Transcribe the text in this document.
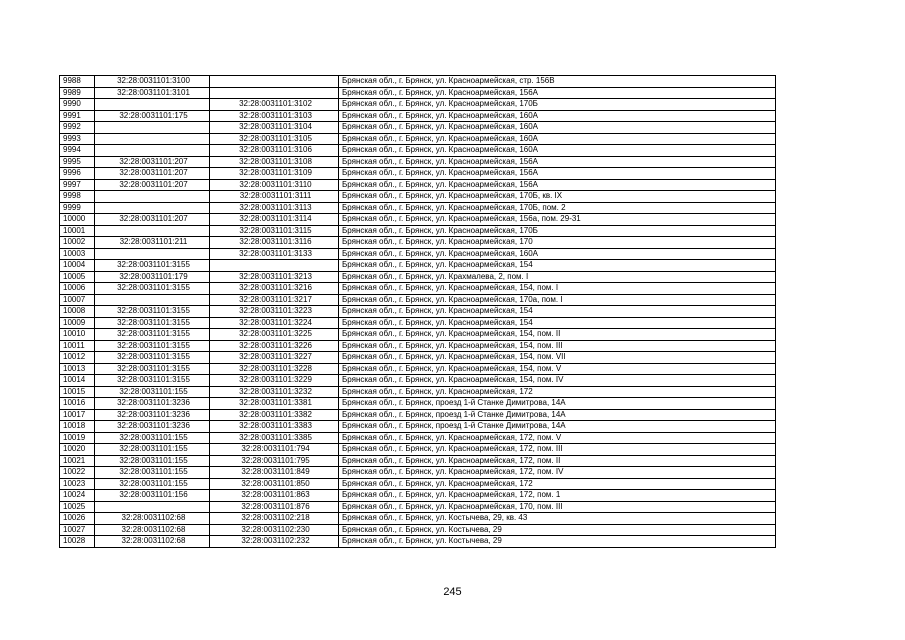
9988	32:28:0031101:3100		Брянская обл., г. Брянск, ул. Красноармейская, стр. 156В
9989	32:28:0031101:3101		Брянская обл., г. Брянск, ул. Красноармейская, 156А
9990		32:28:0031101:3102	Брянская обл., г. Брянск, ул. Красноармейская, 170Б
9991	32:28:0031101:175	32:28:0031101:3103	Брянская обл., г. Брянск, ул. Красноармейская, 160А
9992		32:28:0031101:3104	Брянская обл., г. Брянск, ул. Красноармейская, 160А
9993		32:28:0031101:3105	Брянская обл., г. Брянск, ул. Красноармейская, 160А
9994		32:28:0031101:3106	Брянская обл., г. Брянск, ул. Красноармейская, 160А
9995	32:28:0031101:207	32:28:0031101:3108	Брянская обл., г. Брянск, ул. Красноармейская, 156А
9996	32:28:0031101:207	32:28:0031101:3109	Брянская обл., г. Брянск, ул. Красноармейская, 156А
9997	32:28:0031101:207	32:28:0031101:3110	Брянская обл., г. Брянск, ул. Красноармейская, 156А
9998		32:28:0031101:3111	Брянская обл., г. Брянск, ул. Красноармейская, 170Б, кв. IX
9999		32:28:0031101:3113	Брянская обл., г. Брянск, ул. Красноармейская, 170Б, пом. 2
10000	32:28:0031101:207	32:28:0031101:3114	Брянская обл., г. Брянск, ул. Красноармейская, 156а, пом. 29-31
10001		32:28:0031101:3115	Брянская обл., г. Брянск, ул. Красноармейская, 170Б
10002	32:28:0031101:211	32:28:0031101:3116	Брянская обл., г. Брянск, ул. Красноармейская, 170
10003		32:28:0031101:3133	Брянская обл., г. Брянск, ул. Красноармейская, 160А
10004	32:28:0031101:3155		Брянская обл., г. Брянск, ул. Красноармейская, 154
10005	32:28:0031101:179	32:28:0031101:3213	Брянская обл., г. Брянск, ул. Крахмалева, 2, пом. I
10006	32:28:0031101:3155	32:28:0031101:3216	Брянская обл., г. Брянск, ул. Красноармейская, 154, пом. I
10007		32:28:0031101:3217	Брянская обл., г. Брянск, ул. Красноармейская, 170а, пом. I
10008	32:28:0031101:3155	32:28:0031101:3223	Брянская обл., г. Брянск, ул. Красноармейская, 154
10009	32:28:0031101:3155	32:28:0031101:3224	Брянская обл., г. Брянск, ул. Красноармейская, 154
10010	32:28:0031101:3155	32:28:0031101:3225	Брянская обл., г. Брянск, ул. Красноармейская, 154, пом. II
10011	32:28:0031101:3155	32:28:0031101:3226	Брянская обл., г. Брянск, ул. Красноармейская, 154, пом. III
10012	32:28:0031101:3155	32:28:0031101:3227	Брянская обл., г. Брянск, ул. Красноармейская, 154, пом. VII
10013	32:28:0031101:3155	32:28:0031101:3228	Брянская обл., г. Брянск, ул. Красноармейская, 154, пом. V
10014	32:28:0031101:3155	32:28:0031101:3229	Брянская обл., г. Брянск, ул. Красноармейская, 154, пом. IV
10015	32:28:0031101:155	32:28:0031101:3232	Брянская обл., г. Брянск, ул. Красноармейская, 172
10016	32:28:0031101:3236	32:28:0031101:3381	Брянская обл., г. Брянск, проезд 1-й Станке Димитрова, 14А
10017	32:28:0031101:3236	32:28:0031101:3382	Брянская обл., г. Брянск, проезд 1-й Станке Димитрова, 14А
10018	32:28:0031101:3236	32:28:0031101:3383	Брянская обл., г. Брянск, проезд 1-й Станке Димитрова, 14А
10019	32:28:0031101:155	32:28:0031101:3385	Брянская обл., г. Брянск, ул. Красноармейская, 172, пом. V
10020	32:28:0031101:155	32:28:0031101:794	Брянская обл., г. Брянск, ул. Красноармейская, 172, пом. III
10021	32:28:0031101:155	32:28:0031101:795	Брянская обл., г. Брянск, ул. Красноармейская, 172, пом. II
10022	32:28:0031101:155	32:28:0031101:849	Брянская обл., г. Брянск, ул. Красноармейская, 172, пом. IV
10023	32:28:0031101:155	32:28:0031101:850	Брянская обл., г. Брянск, ул. Красноармейская, 172
10024	32:28:0031101:156	32:28:0031101:863	Брянская обл., г. Брянск, ул. Красноармейская, 172, пом. 1
10025		32:28:0031101:876	Брянская обл., г. Брянск, ул. Красноармейская, 170, пом. III
10026	32:28:0031102:68	32:28:0031102:218	Брянская обл., г. Брянск, ул. Костычева, 29, кв. 43
10027	32:28:0031102:68	32:28:0031102:230	Брянская обл., г. Брянск, ул. Костычева, 29
10028	32:28:0031102:68	32:28:0031102:232	Брянская обл., г. Брянск, ул. Костычева, 29
245
